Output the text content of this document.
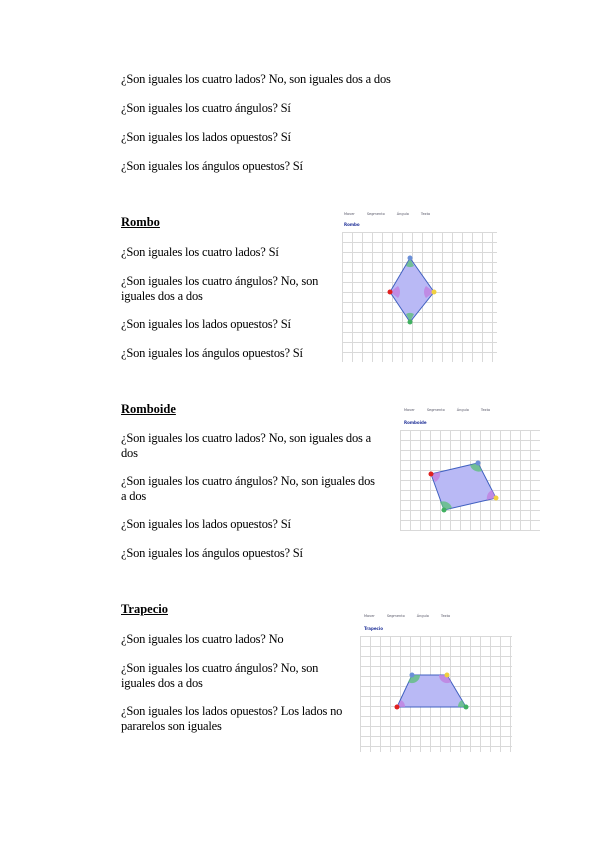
¿Son iguales los cuatro lados? No, son iguales dos a dos
¿Son iguales los cuatro ángulos? Sí
¿Son iguales los lados opuestos? Sí
¿Son iguales los ángulos opuestos? Sí
Rombo
¿Son iguales los cuatro lados? Sí
¿Son iguales los cuatro ángulos? No, son iguales dos a dos
¿Son iguales los lados opuestos? Sí
¿Son iguales los ángulos opuestos? Sí
Mover	Segmento	Ángulo	Texto
Rombo
Romboide
¿Son iguales los cuatro lados? No, son iguales dos a dos
¿Son iguales los cuatro ángulos? No, son iguales dos a dos
¿Son iguales los lados opuestos? Sí
¿Son iguales los ángulos opuestos? Sí
Mover	Segmento	Ángulo	Texto
Romboide
Trapecio
¿Son iguales los cuatro lados? No
¿Son iguales los cuatro ángulos? No, son iguales dos a dos
¿Son iguales los lados opuestos? Los lados no pararelos son iguales
Mover	Segmento	Ángulo	Texto
Trapecio
